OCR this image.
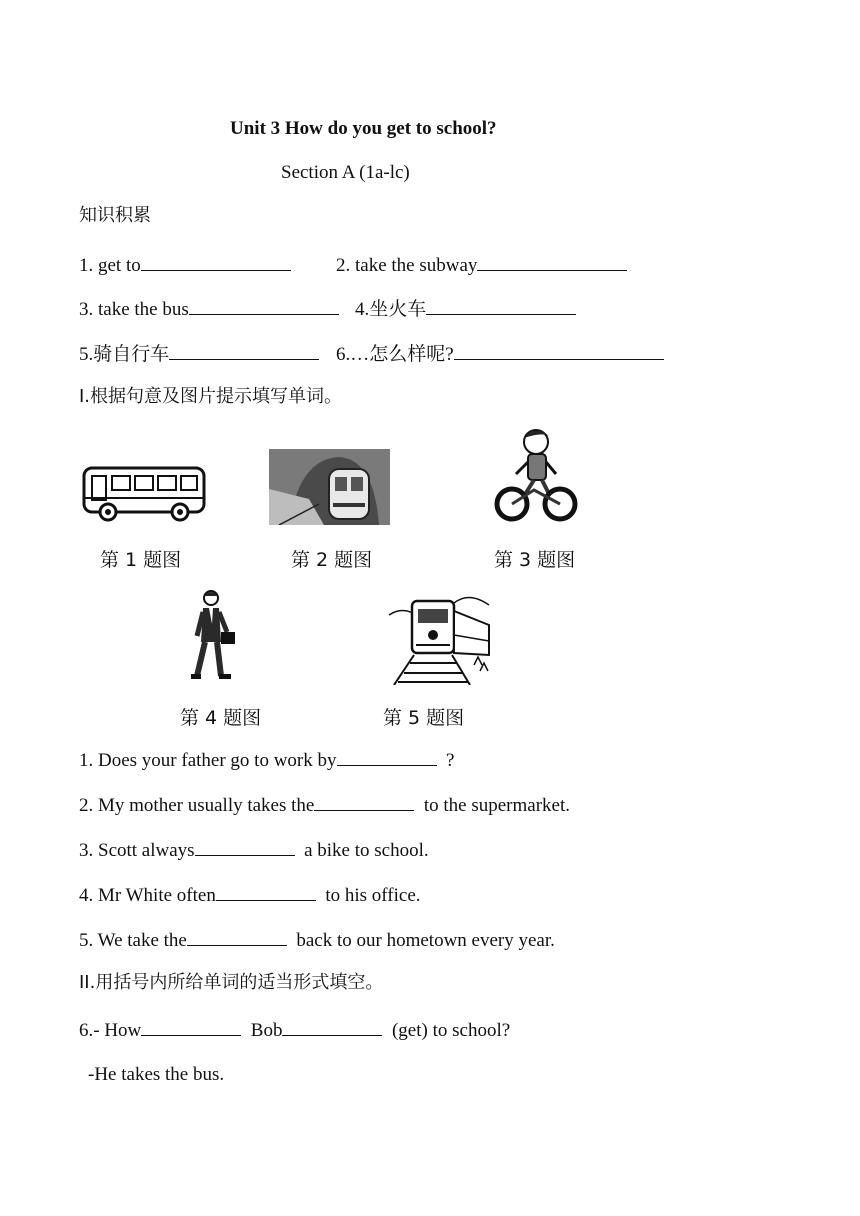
Unit 3 How do you get to school?
Section A (1a-lc)
知识积累
1. get to	2. take the subway
3. take the bus	4.坐火车
5.骑自行车	6.…怎么样呢?
I.根据句意及图片提示填写单词。
第 1 题图	第 2 题图	第 3 题图
第 4 题图	第 5 题图
1. Does your father go to work by	?
2. My mother usually takes the	to the supermarket.
3. Scott always	a bike to school.
4. Mr White often	to his office.
5. We take the	back to our hometown every year.
II.用括号内所给单词的适当形式填空。
6.- How	Bob	(get) to school?
-He takes the bus.
